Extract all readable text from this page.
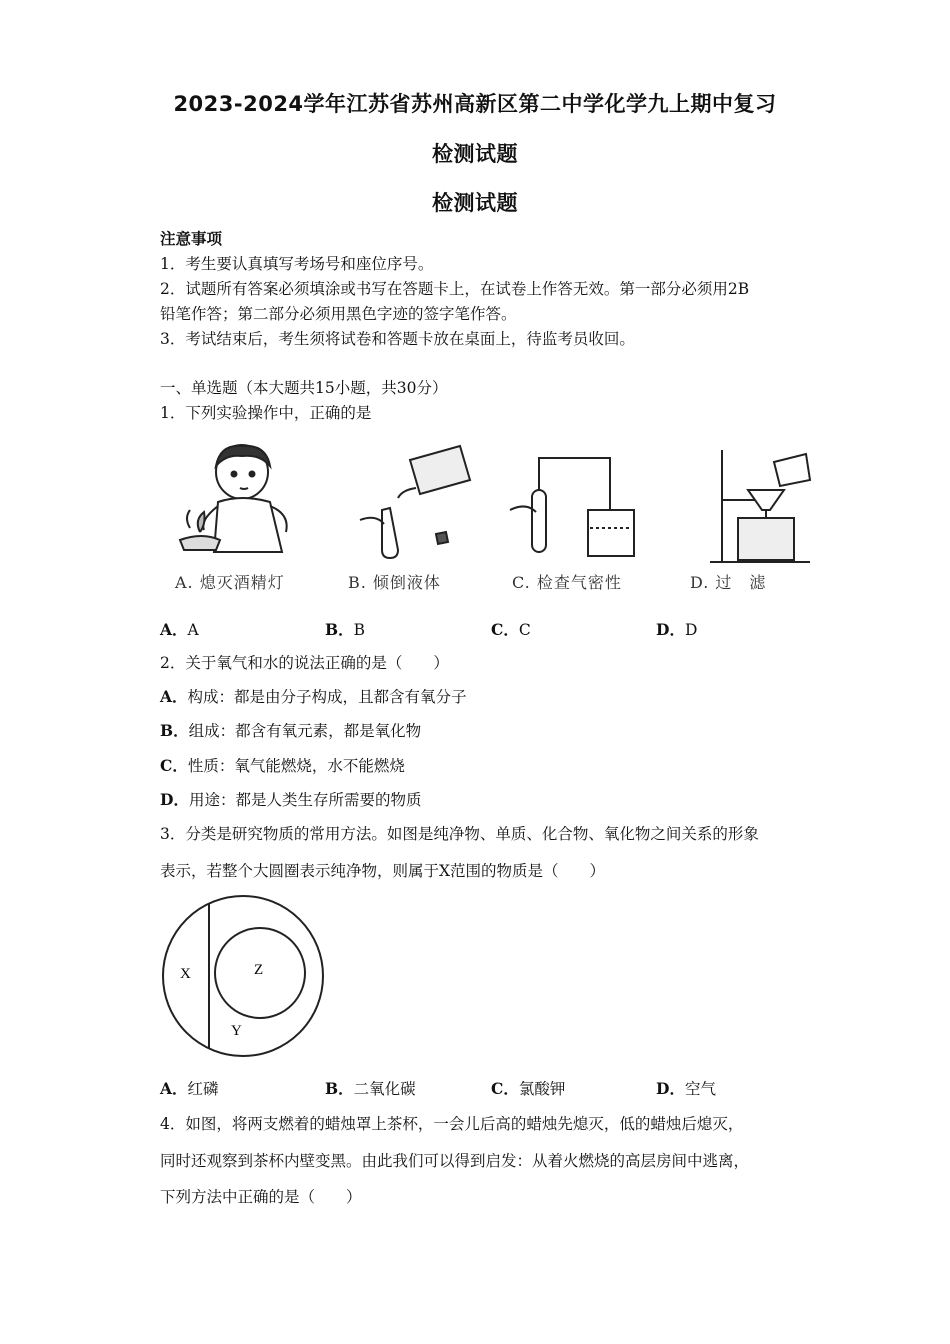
2023-2024学年江苏省苏州高新区第二中学化学九上期中复习
检测试题
检测试题
注意事项
1．考生要认真填写考场号和座位序号。
2．试题所有答案必须填涂或书写在答题卡上，在试卷上作答无效。第一部分必须用2B
铅笔作答；第二部分必须用黑色字迹的签字笔作答。
3．考试结束后，考生须将试卷和答题卡放在桌面上，待监考员收回。
一、单选题（本大题共15小题，共30分）
1．下列实验操作中，正确的是
A. 熄灭酒精灯	B. 倾倒液体	C. 检查气密性	D. 过　滤
A．A	B．B	C．C	D．D
2．关于氧气和水的说法正确的是（　　）
A．构成：都是由分子构成，且都含有氧分子
B．组成：都含有氧元素，都是氧化物
C．性质：氧气能燃烧，水不能燃烧
D．用途：都是人类生存所需要的物质
3．分类是研究物质的常用方法。如图是纯净物、单质、化合物、氧化物之间关系的形象
表示，若整个大圆圈表示纯净物，则属于X范围的物质是（　　）
X	Z
Y
A．红磷	B．二氧化碳	C．氯酸钾	D．空气
4．如图，将两支燃着的蜡烛罩上茶杯，一会儿后高的蜡烛先熄灭，低的蜡烛后熄灭，
同时还观察到茶杯内壁变黑。由此我们可以得到启发：从着火燃烧的高层房间中逃离，
下列方法中正确的是（　　）
